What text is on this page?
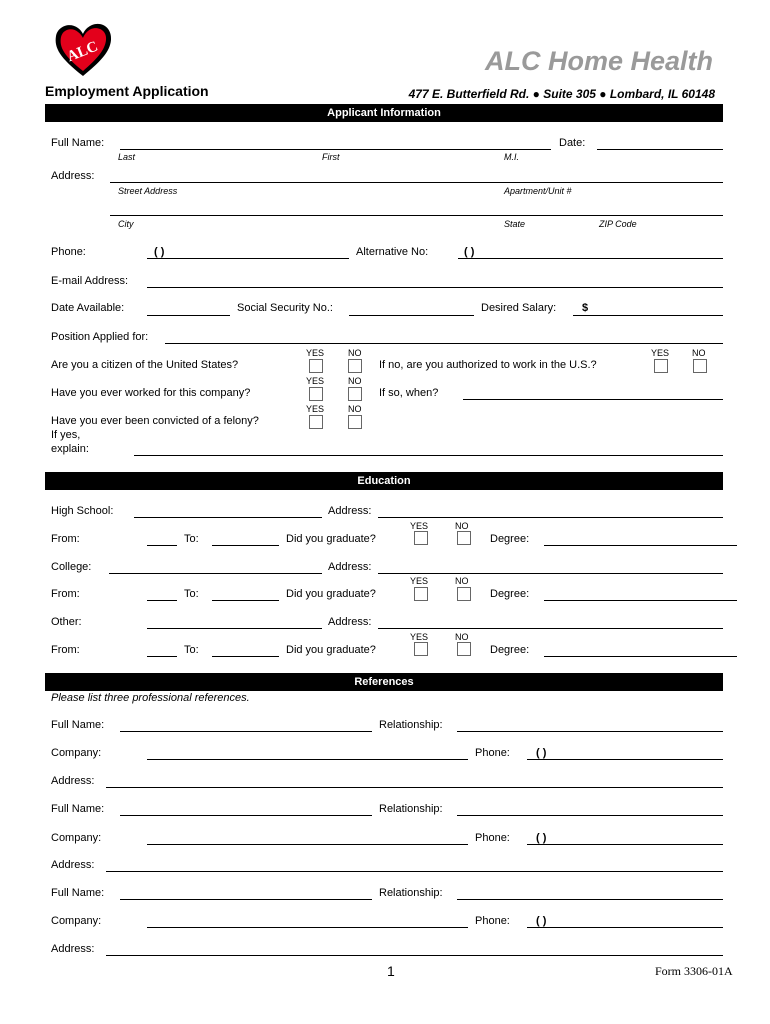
ALC	ALC Home Health
Employment Application	477 E. Butterfield Rd. ● Suite 305 ● Lombard, IL 60148
Applicant Information
Full Name:	Date:
Last	First	M.I.
Address:
Street Address	Apartment/Unit #
City	State	ZIP Code
Phone:	( )	Alternative No:	( )
E-mail Address:
Date Available:	Social Security No.:	Desired Salary: $
Position Applied for:
YES	NO
Are you a citizen of the United States?	If no, are you authorized to work in the U.S.?
YES	NO
YES	NO
Have you ever worked for this company?	If so, when?
YES	NO
Have you ever been convicted of a felony?
If yes,
explain:
Education
High School:	Address:
YES	NO
From:	To:	Did you graduate?	Degree:
College:	Address:
YES	NO
From:	To:	Did you graduate?	Degree:
Other:	Address:
YES	NO
From:	To:	Did you graduate?	Degree:
References
Please list three professional references.
Full Name:	Relationship:
Company:	Phone: ( )
Address:
Full Name:	Relationship:
Company:	Phone: ( )
Address:
Full Name:	Relationship:
Company:	Phone: ( )
Address:
1	Form 3306-01A
